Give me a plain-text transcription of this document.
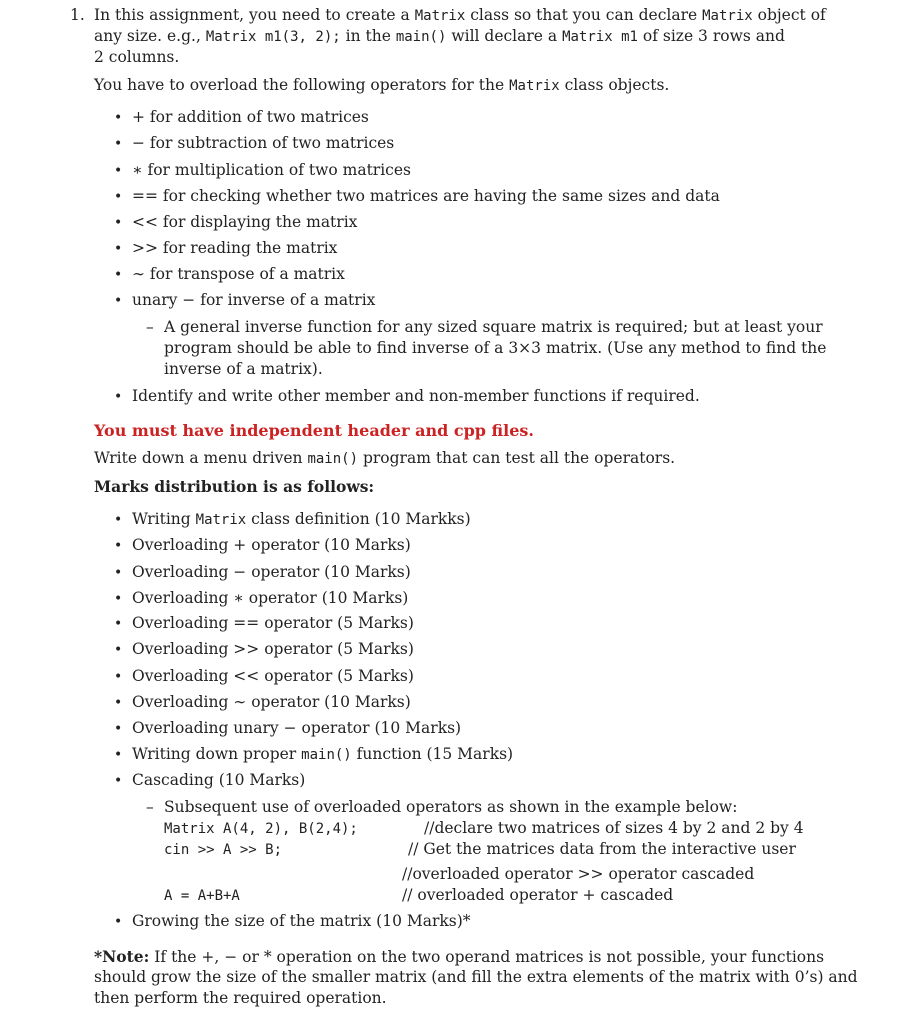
1. In this assignment, you need to create a Matrix class so that you can declare Matrix object of
any size. e.g., Matrix m1(3, 2); in the main() will declare a Matrix m1 of size 3 rows and
2 columns.
You have to overload the following operators for the Matrix class objects.
• + for addition of two matrices
• − for subtraction of two matrices
• ∗ for multiplication of two matrices
• == for checking whether two matrices are having the same sizes and data
• << for displaying the matrix
• >> for reading the matrix
• ∼ for transpose of a matrix
• unary − for inverse of a matrix
– A general inverse function for any sized square matrix is required; but at least your
program should be able to find inverse of a 3×3 matrix. (Use any method to find the
inverse of a matrix).
• Identify and write other member and non-member functions if required.
You must have independent header and cpp files.
Write down a menu driven main() program that can test all the operators.
Marks distribution is as follows:
• Writing Matrix class definition (10 Markks)
• Overloading + operator (10 Marks)
• Overloading − operator (10 Marks)
• Overloading ∗ operator (10 Marks)
• Overloading == operator (5 Marks)
• Overloading >> operator (5 Marks)
• Overloading << operator (5 Marks)
• Overloading ∼ operator (10 Marks)
• Overloading unary − operator (10 Marks)
• Writing down proper main() function (15 Marks)
• Cascading (10 Marks)
– Subsequent use of overloaded operators as shown in the example below:
Matrix A(4, 2), B(2,4);	//declare two matrices of sizes 4 by 2 and 2 by 4
cin >> A >> B;	// Get the matrices data from the interactive user
//overloaded operator >> operator cascaded
A = A+B+A	// overloaded operator + cascaded
• Growing the size of the matrix (10 Marks)*
*Note: If the +, − or * operation on the two operand matrices is not possible, your functions
should grow the size of the smaller matrix (and fill the extra elements of the matrix with 0’s) and
then perform the required operation.
